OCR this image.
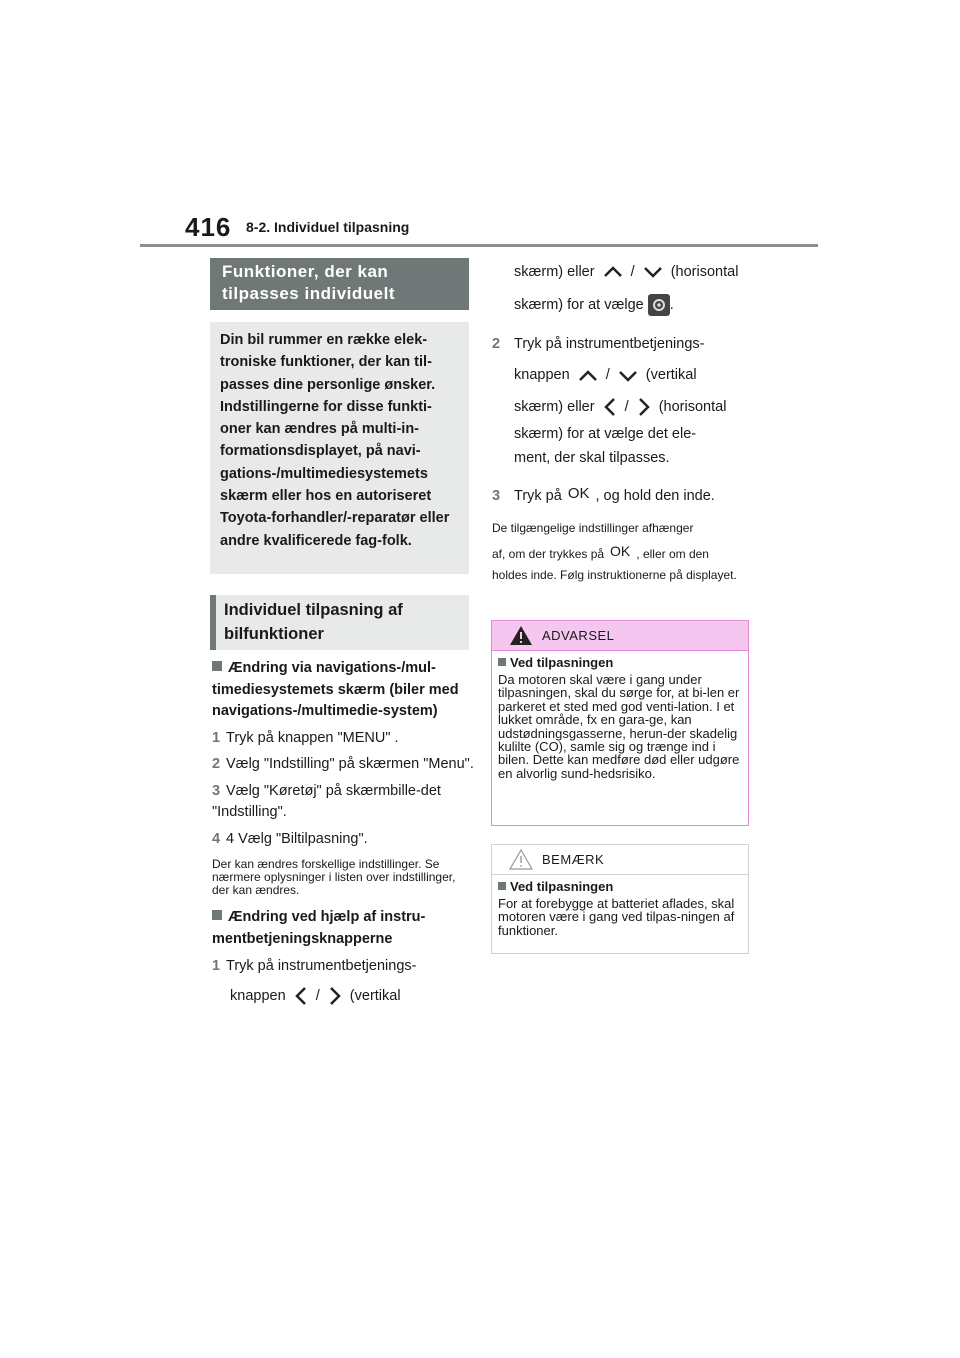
416 8-2. Individuel tilpasning
Funktioner, der kan tilpasses individuelt
Din bil rummer en række elek-troniske funktioner, der kan til-passes dine personlige ønsker. Indstillingerne for disse funkti-oner kan ændres på multi-in-formationsdisplayet, på navi-gations-/multimediesystemets skærm eller hos en autoriseret Toyota-forhandler/-reparatør eller andre kvalificerede fag-folk.
Individuel tilpasning af bilfunktioner
Ændring via navigations-/mul-timediesystemets skærm (biler med navigations-/multimedie-system)
1 Tryk på knappen "MENU" .
2 Vælg "Indstilling" på skærmen "Menu".
3 Vælg "Køretøj" på skærmbille-det "Indstilling".
4 4 Vælg "Biltilpasning".
Der kan ændres forskellige indstillinger. Se nærmere oplysninger i listen over indstillinger, der kan ændres.
Ændring ved hjælp af instru-mentbetjeningsknapperne
1 Tryk på instrumentbetjenings-
knappen / (vertikal
skærm) eller / (horisontal
skærm) for at vælge .
2 Tryk på instrumentbetjenings-
knappen / (vertikal
skærm) eller / (horisontal
skærm) for at vælge det ele-
ment, der skal tilpasses.
3 Tryk på OK , og hold den inde.
De tilgængelige indstillinger afhænger
af, om der trykkes på OK , eller om den
holdes inde. Følg instruktionerne på displayet.
ADVARSEL
Ved tilpasningen
Da motoren skal være i gang under tilpasningen, skal du sørge for, at bi-len er parkeret et sted med god venti-lation. I et lukket område, fx en gara-ge, kan udstødningsgasserne, herun-der skadelig kulilte (CO), samle sig og trænge ind i bilen. Dette kan medføre død eller udgøre en alvorlig sund-hedsrisiko.
BEMÆRK
Ved tilpasningen
For at forebygge at batteriet aflades, skal motoren være i gang ved tilpas-ningen af funktioner.
